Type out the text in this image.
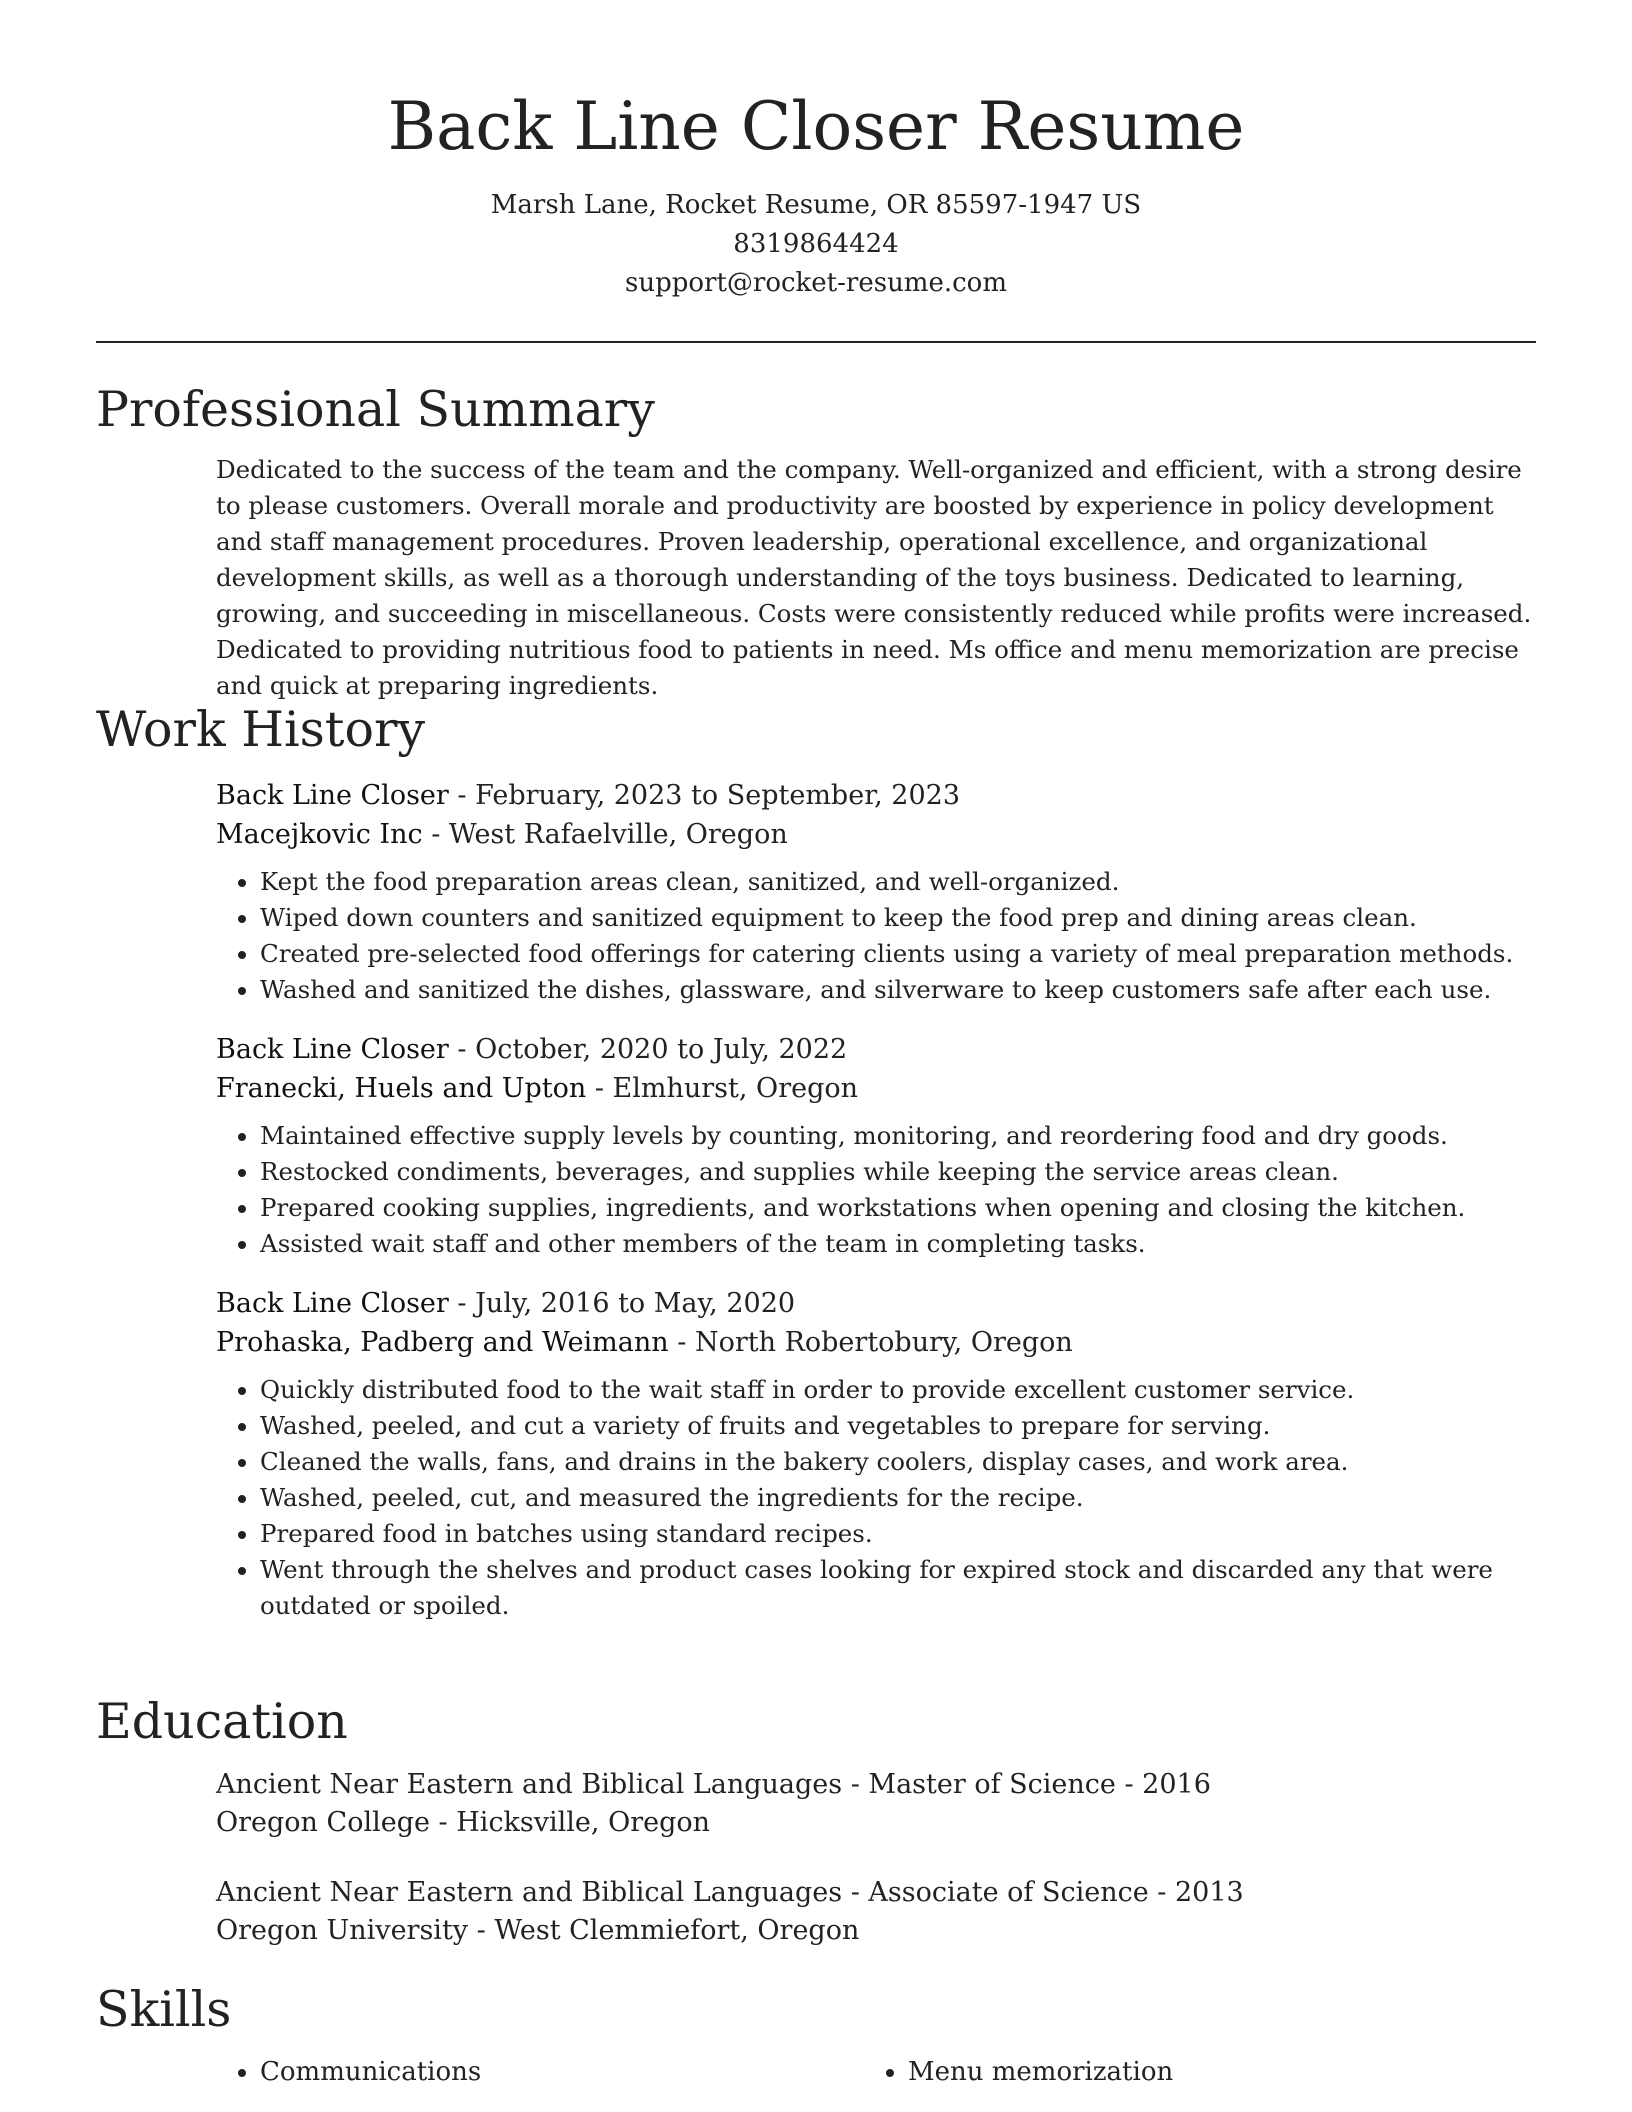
Back Line Closer Resume
Marsh Lane, Rocket Resume, OR 85597-1947 US
8319864424
support@rocket-resume.com
Professional Summary

Dedicated to the success of the team and the company. Well-organized and efficient, with a strong desire to please customers. Overall morale and productivity are boosted by experience in policy development and staff management procedures. Proven leadership, operational excellence, and organizational development skills, as well as a thorough understanding of the toys business. Dedicated to learning, growing, and succeeding in miscellaneous. Costs were consistently reduced while profits were increased. Dedicated to providing nutritious food to patients in need. Ms office and menu memorization are precise and quick at preparing ingredients.

Work History
Back Line Closer - February, 2023 to September, 2023
Macejkovic Inc - West Rafaelville, Oregon
• Kept the food preparation areas clean, sanitized, and well-organized.
• Wiped down counters and sanitized equipment to keep the food prep and dining areas clean.
• Created pre-selected food offerings for catering clients using a variety of meal preparation methods.
• Washed and sanitized the dishes, glassware, and silverware to keep customers safe after each use.
Back Line Closer - October, 2020 to July, 2022
Franecki, Huels and Upton - Elmhurst, Oregon
• Maintained effective supply levels by counting, monitoring, and reordering food and dry goods.
• Restocked condiments, beverages, and supplies while keeping the service areas clean.
• Prepared cooking supplies, ingredients, and workstations when opening and closing the kitchen.
• Assisted wait staff and other members of the team in completing tasks.
Back Line Closer - July, 2016 to May, 2020
Prohaska, Padberg and Weimann - North Robertobury, Oregon
• Quickly distributed food to the wait staff in order to provide excellent customer service.
• Washed, peeled, and cut a variety of fruits and vegetables to prepare for serving.
• Cleaned the walls, fans, and drains in the bakery coolers, display cases, and work area.
• Washed, peeled, cut, and measured the ingredients for the recipe.
• Prepared food in batches using standard recipes.
• Went through the shelves and product cases looking for expired stock and discarded any that were outdated or spoiled.
Education
Ancient Near Eastern and Biblical Languages - Master of Science - 2016
Oregon College - Hicksville, Oregon
Ancient Near Eastern and Biblical Languages - Associate of Science - 2013
Oregon University - West Clemmiefort, Oregon
Skills
• Communications
•	Menu memorization
